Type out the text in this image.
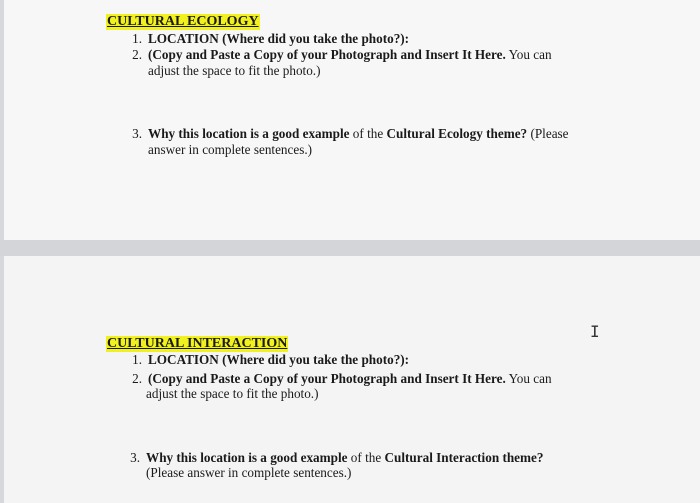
CULTURAL ECOLOGY
1. LOCATION (Where did you take the photo?):
2. (Copy and Paste a Copy of your Photograph and Insert It Here. You can
adjust the space to fit the photo.)
3. Why this location is a good example of the Cultural Ecology theme? (Please
answer in complete sentences.)
I
CULTURAL INTERACTION
1. LOCATION (Where did you take the photo?):
2. (Copy and Paste a Copy of your Photograph and Insert It Here. You can
adjust the space to fit the photo.)
3. Why this location is a good example of the Cultural Interaction theme?
(Please answer in complete sentences.)
